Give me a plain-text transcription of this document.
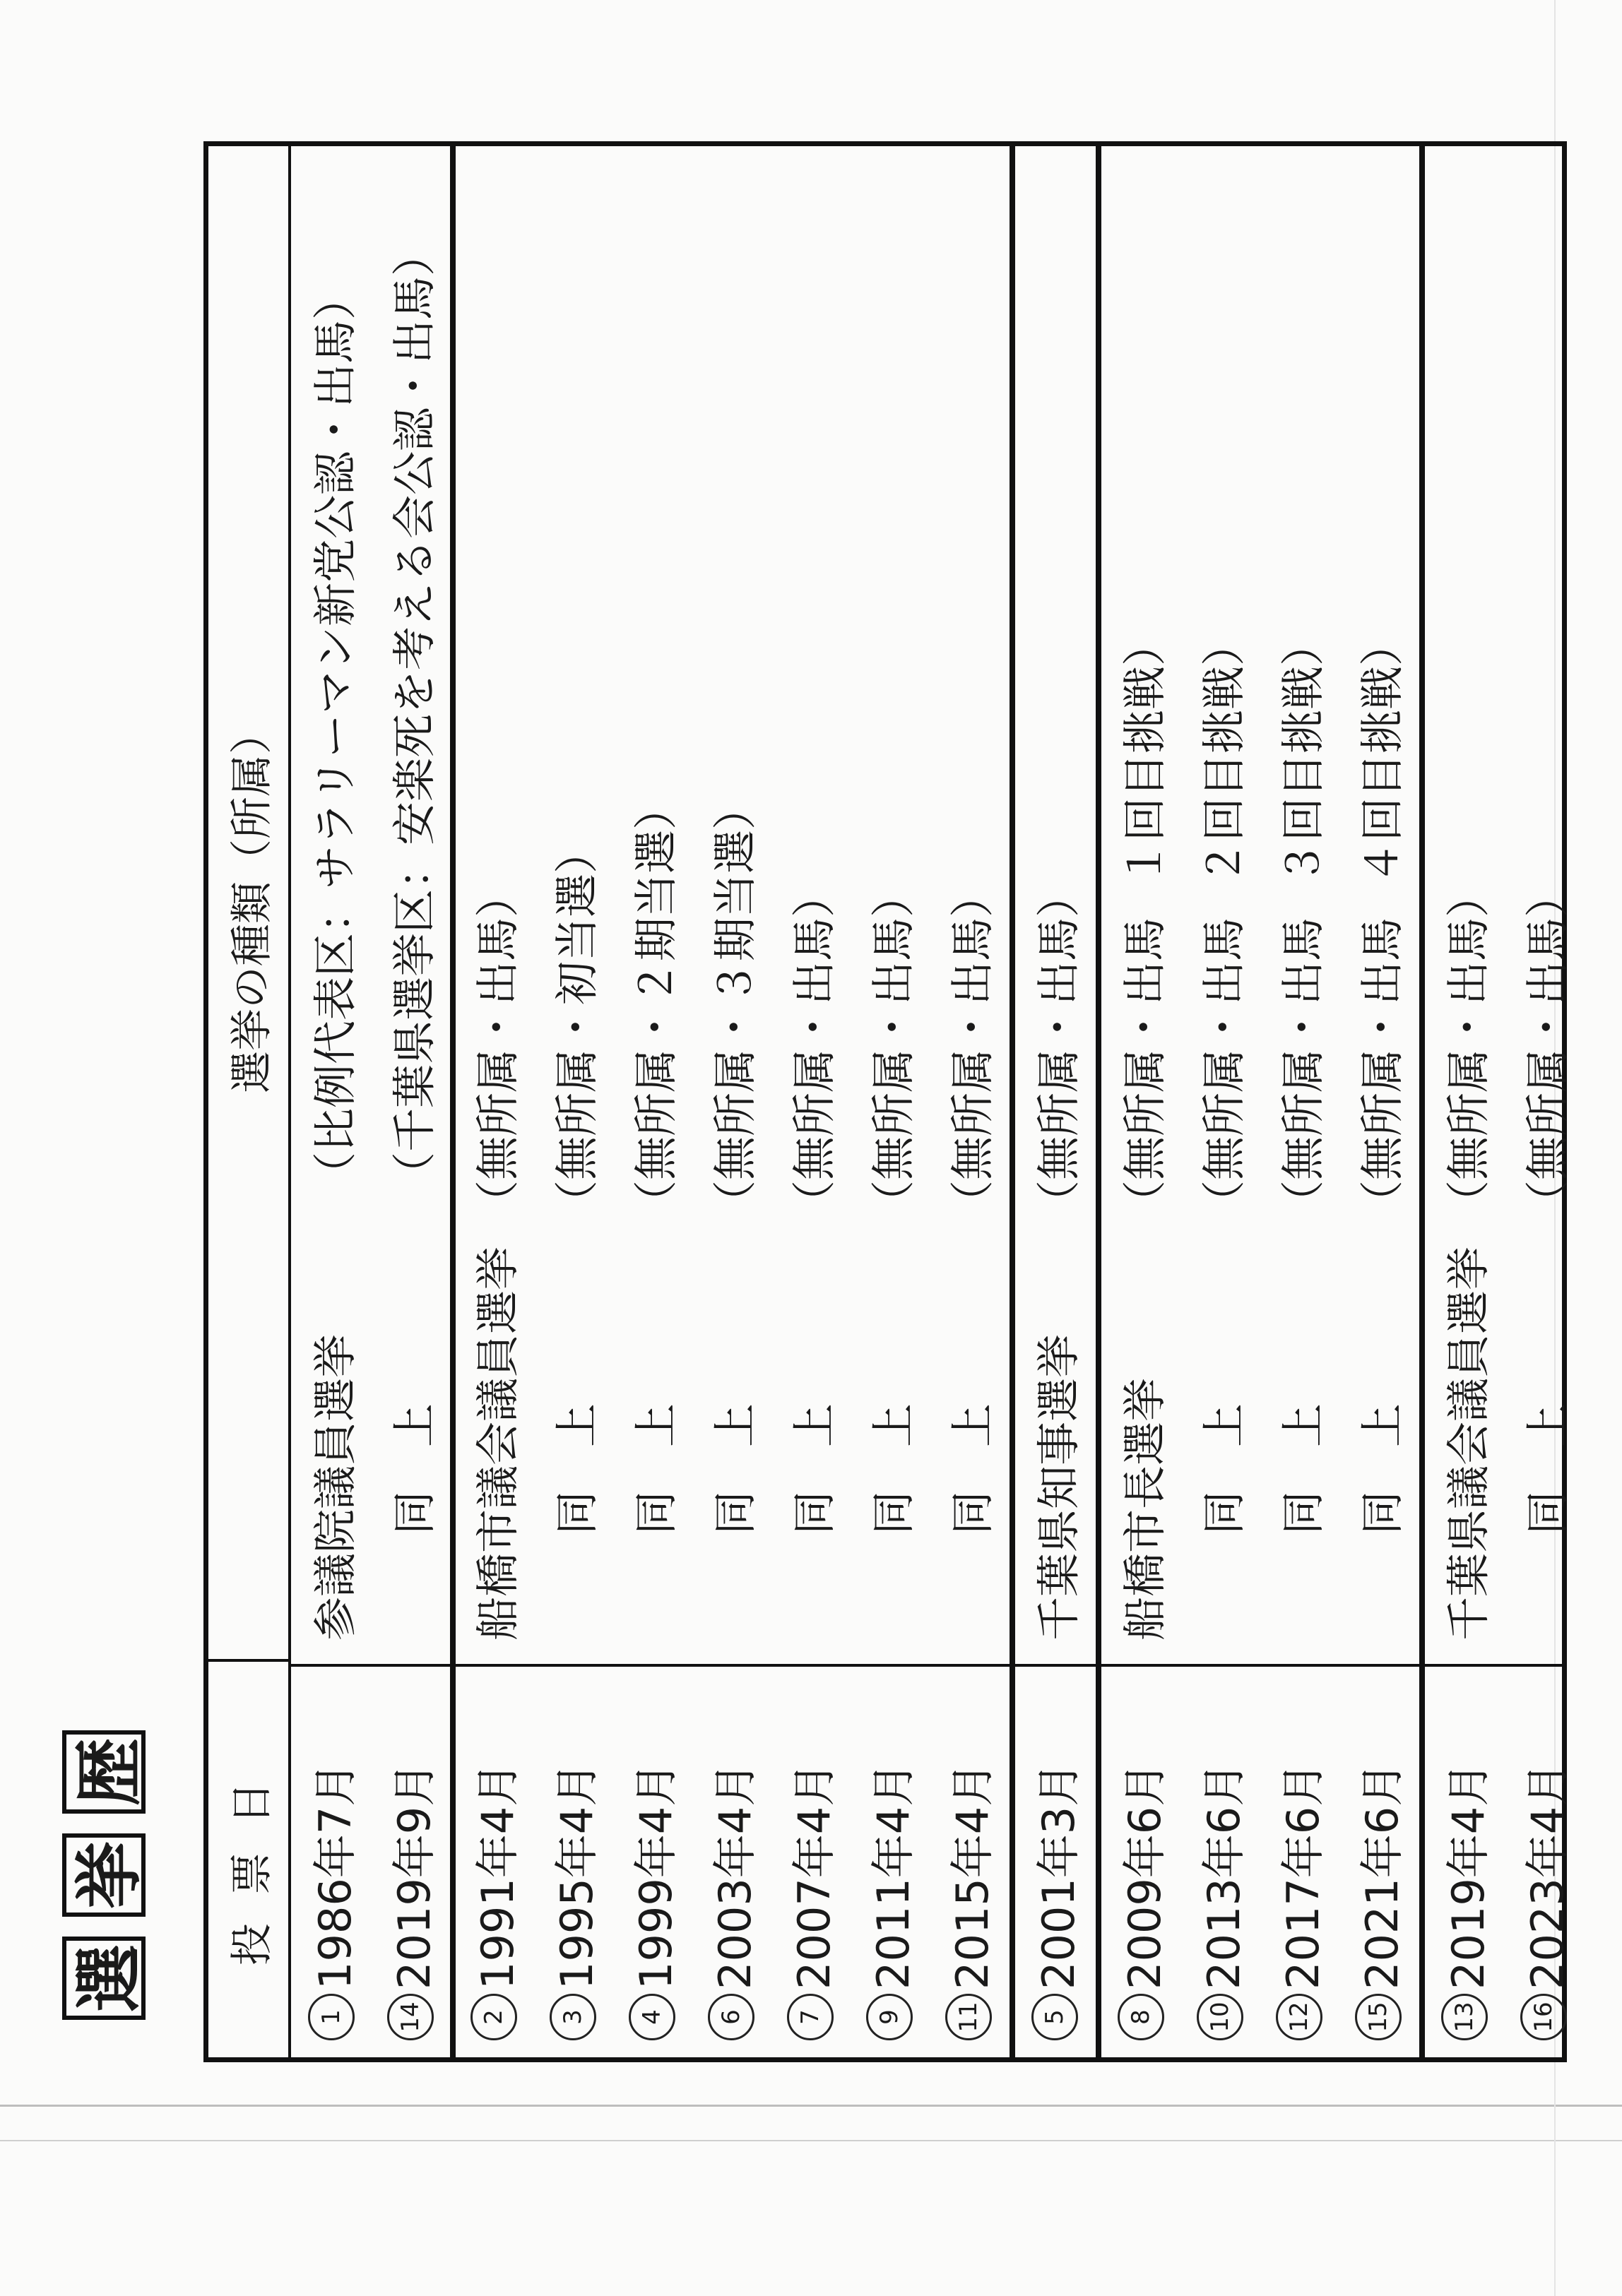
選
挙
歴	投票日
選挙の種類（所属）
1
1986年7月
参議院議員選挙
（比例代表区：サラリーマン新党公認・出馬）
14
2019年9月
同　上
（千葉県選挙区：安楽死を考える会公認・出馬）
2
1991年4月
船橋市議会議員選挙
（無所属・出馬）
3
1995年4月
同　上
（無所属・初当選）
4
1999年4月
同　上
（無所属・２期当選）
6
2003年4月
同　上
（無所属・３期当選）
7
2007年4月
同　上
（無所属・出馬）
9
2011年4月
同　上
（無所属・出馬）
11
2015年4月
同　上
（無所属・出馬）
5
2001年3月
千葉県知事選挙
（無所属・出馬）
8
2009年6月
船橋市長選挙
（無所属・出馬
１回目挑戦）
10
2013年6月
同　上
（無所属・出馬
２回目挑戦）
12
2017年6月
同　上
（無所属・出馬
３回目挑戦）
15
2021年6月
同　上
（無所属・出馬
４回目挑戦）
13
2019年4月
千葉県議会議員選挙
（無所属・出馬）
16
2023年4月
同　上
（無所属・出馬）
